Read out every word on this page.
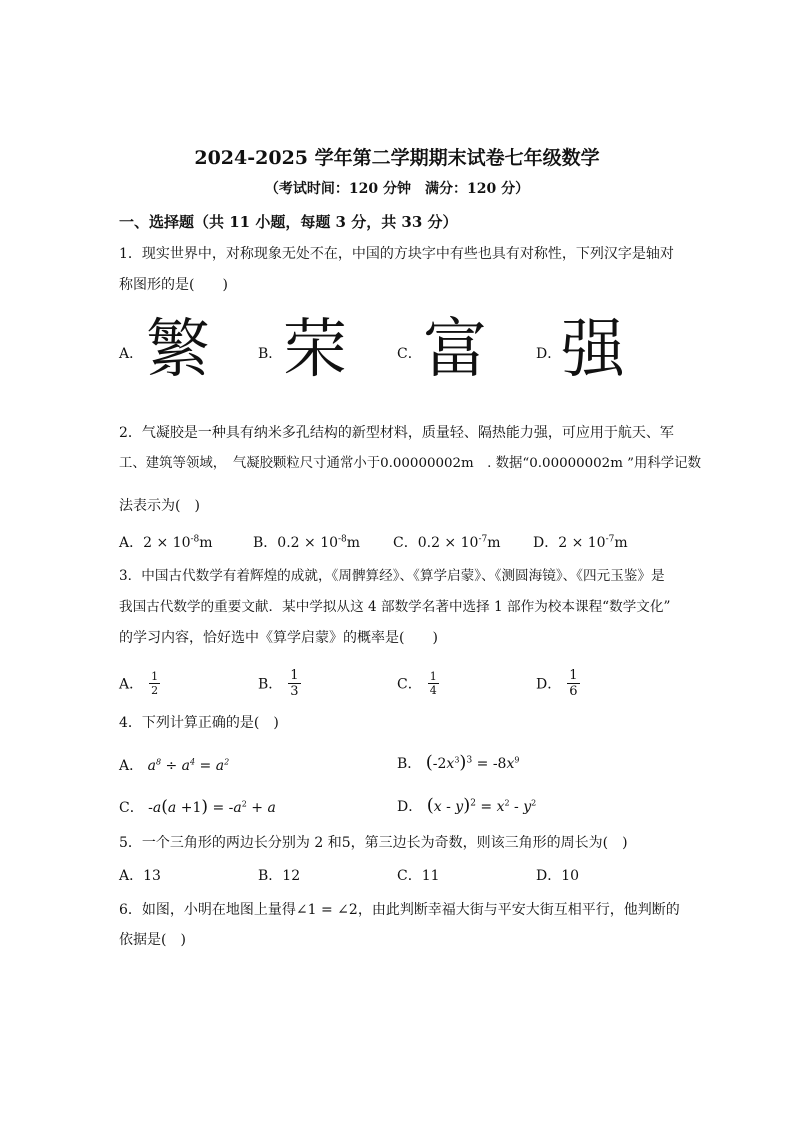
2024-2025 学年第二学期期末试卷七年级数学
（考试时间：120 分钟　满分：120 分）
一、选择题（共 11 小题，每题 3 分，共 33 分）
1．现实世界中，对称现象无处不在，中国的方块字中有些也具有对称性，下列汉字是轴对
称图形的是(　　)
A． 繁	B． 荣	C． 富	D． 强
2．气凝胶是一种具有纳米多孔结构的新型材料，质量轻、隔热能力强，可应用于航天、军
工、建筑等领域，　气凝胶颗粒尺寸通常小于0.00000002m　. 数据“0.00000002m ”用科学记数
法表示为(　)
A．$2 \times 10^{-8}m$	B．$0.2 \times 10^{-8}m$ C．$0.2 \times 10^{-7}m$ D．$2 \times 10^{-7}m$
3．中国古代数学有着辉煌的成就，《周髀算经》、《算学启蒙》、《测圆海镜》、《四元玉鉴》是
我国古代数学的重要文献．某中学拟从这 4 部数学名著中选择 1 部作为校本课程“数学文化”
的学习内容，恰好选中《算学启蒙》的概率是(　　)
A． $\frac{1}{2}$	B． $\frac{1}{3}$	C． $\frac{1}{4}$	D． $\frac{1}{6}$
4．下列计算正确的是(　)
A． $a^8 \div a^4 = a^2$	B． $(-2x^3)^3 = -8x^9$
C． $-a(a +1) = -a^2 + a$	D． $(x - y)^2 = x^2 - y^2$
5．一个三角形的两边长分别为 2 和5，第三边长为奇数，则该三角形的周长为(　)
A．13	B．12	C．11	D．10
6．如图，小明在地图上量得∠1 = ∠2，由此判断幸福大街与平安大街互相平行，他判断的
依据是(　)
